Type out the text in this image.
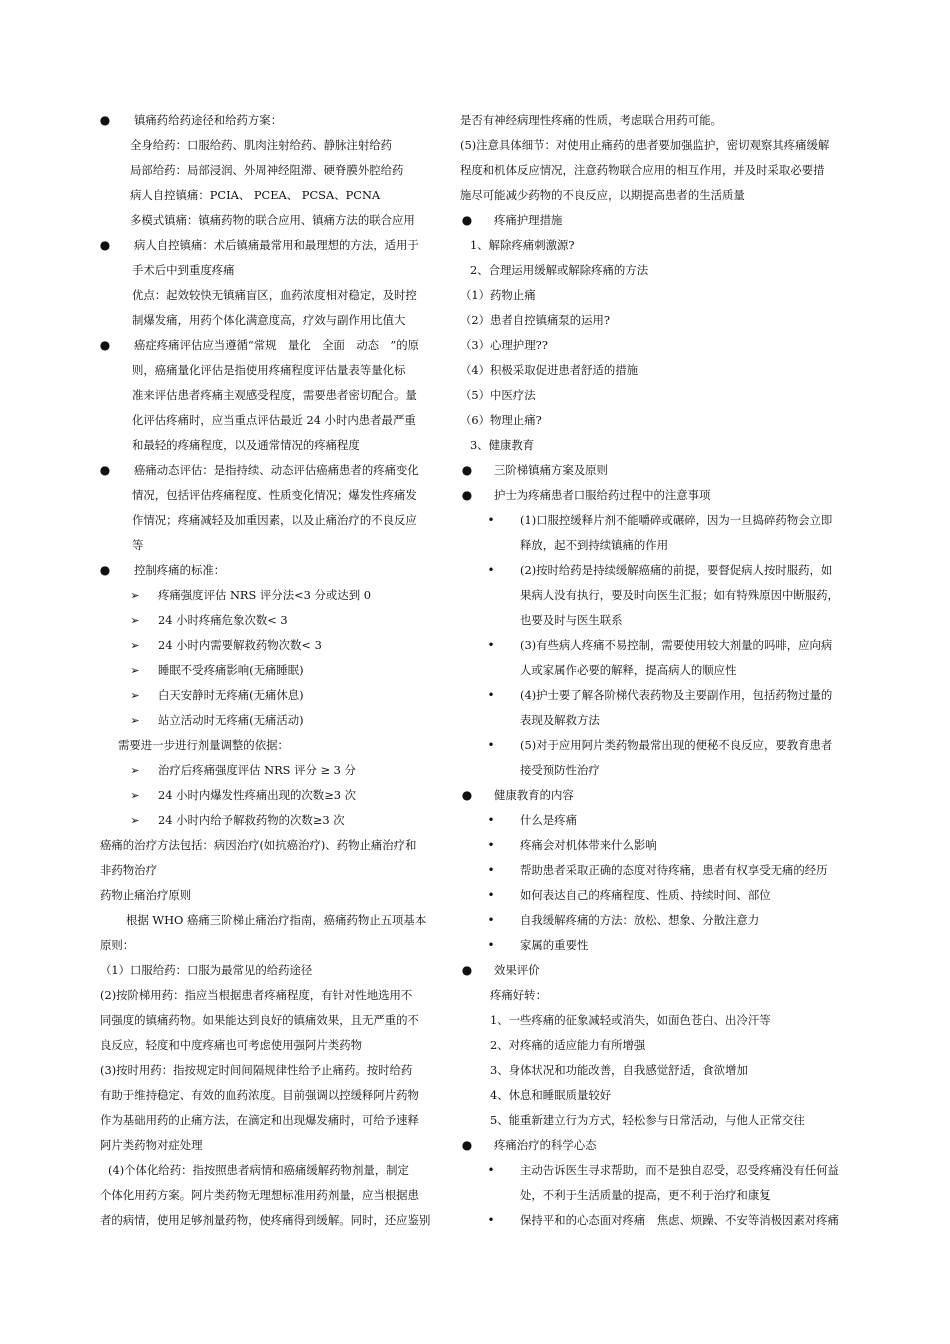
● 镇痛药给药途径和给药方案：
全身给药：口服给药、肌肉注射给药、静脉注射给药
局部给药：局部浸润、外周神经阻滞、硬脊膜外腔给药
病人自控镇痛：PCIA、 PCEA、 PCSA、PCNA
多模式镇痛：镇痛药物的联合应用、镇痛方法的联合应用
● 病人自控镇痛：术后镇痛最常用和最理想的方法，适用于
手术后中到重度疼痛
优点：起效较快无镇痛盲区，血药浓度相对稳定，及时控
制爆发痛，用药个体化满意度高，疗效与副作用比值大
● 癌症疼痛评估应当遵循“常规　量化　全面　动态　”的原
则，癌痛量化评估是指使用疼痛程度评估量表等量化标
准来评估患者疼痛主观感受程度，需要患者密切配合。量
化评估疼痛时，应当重点评估最近 24 小时内患者最严重
和最轻的疼痛程度，以及通常情况的疼痛程度
● 癌痛动态评估：是指持续、动态评估癌痛患者的疼痛变化
情况，包括评估疼痛程度、性质变化情况；爆发性疼痛发
作情况；疼痛减轻及加重因素，以及止痛治疗的不良反应
等
● 控制疼痛的标准：
➢ 疼痛强度评估 NRS 评分法<3 分或达到 0
➢ 24 小时疼痛危象次数< 3
➢ 24 小时内需要解救药物次数< 3
➢ 睡眠不受疼痛影响(无痛睡眠)
➢ 白天安静时无疼痛(无痛休息)
➢ 站立活动时无疼痛(无痛活动)
需要进一步进行剂量调整的依据：
➢ 治疗后疼痛强度评估 NRS 评分 ≥ 3 分
➢ 24 小时内爆发性疼痛出现的次数≥3 次
➢ 24 小时内给予解救药物的次数≥3 次
癌痛的治疗方法包括：病因治疗(如抗癌治疗)、药物止痛治疗和
非药物治疗
药物止痛治疗原则
根据 WHO 癌痛三阶梯止痛治疗指南，癌痛药物止五项基本
原则：
（1）口服给药：口服为最常见的给药途径
(2)按阶梯用药：指应当根据患者疼痛程度，有针对性地选用不
同强度的镇痛药物。如果能达到良好的镇痛效果，且无严重的不
良反应，轻度和中度疼痛也可考虑使用强阿片类药物
(3)按时用药：指按规定时间间隔规律性给予止痛药。按时给药
有助于维持稳定、有效的血药浓度。目前强调以控缓释阿片药物
作为基础用药的止痛方法，在滴定和出现爆发痛时，可给予速释
阿片类药物对症处理
(4)个体化给药：指按照患者病情和癌痛缓解药物剂量，制定
个体化用药方案。阿片类药物无理想标准用药剂量，应当根据患
者的病情，使用足够剂量药物，使疼痛得到缓解。同时，还应鉴别
是否有神经病理性疼痛的性质，考虑联合用药可能。
(5)注意具体细节：对使用止痛药的患者要加强监护，密切观察其疼痛缓解
程度和机体反应情况，注意药物联合应用的相互作用，并及时采取必要措
施尽可能减少药物的不良反应，以期提高患者的生活质量
● 疼痛护理措施
1、解除疼痛刺激源?
2、合理运用缓解或解除疼痛的方法
（1）药物止痛
（2）患者自控镇痛泵的运用?
（3）心理护理??
（4）积极采取促进患者舒适的措施
（5）中医疗法
（6）物理止痛?
3、健康教育
● 三阶梯镇痛方案及原则
● 护士为疼痛患者口服给药过程中的注意事项
•	(1)口服控缓释片剂不能嚼碎或碾碎，因为一旦捣碎药物会立即
释放，起不到持续镇痛的作用
•	(2)按时给药是持续缓解癌痛的前提，要督促病人按时服药，如
果病人没有执行，要及时向医生汇报；如有特殊原因中断服药，
也要及时与医生联系
•	(3)有些病人疼痛不易控制，需要使用较大剂量的吗啡，应向病
人或家属作必要的解释，提高病人的顺应性
•	(4)护士要了解各阶梯代表药物及主要副作用，包括药物过量的
表现及解救方法
•	(5)对于应用阿片类药物最常出现的便秘不良反应，要教育患者
接受预防性治疗
● 健康教育的内容
•	什么是疼痛
•	疼痛会对机体带来什么影响
•	帮助患者采取正确的态度对待疼痛，患者有权享受无痛的经历
•	如何表达自己的疼痛程度、性质、持续时间、部位
•	自我缓解疼痛的方法：放松、想象、分散注意力
•	家属的重要性
● 效果评价
疼痛好转：
1、一些疼痛的征象减轻或消失，如面色苍白、出冷汗等
2、对疼痛的适应能力有所增强
3、身体状况和功能改善，自我感觉舒适，食欲增加
4、休息和睡眠质量较好
5、能重新建立行为方式，轻松参与日常活动，与他人正常交往
● 疼痛治疗的科学心态
•	主动告诉医生寻求帮助，而不是独自忍受，忍受疼痛没有任何益
处，不利于生活质量的提高，更不利于治疗和康复
•	保持平和的心态面对疼痛　焦虑、烦躁、不安等消极因素对疼痛
